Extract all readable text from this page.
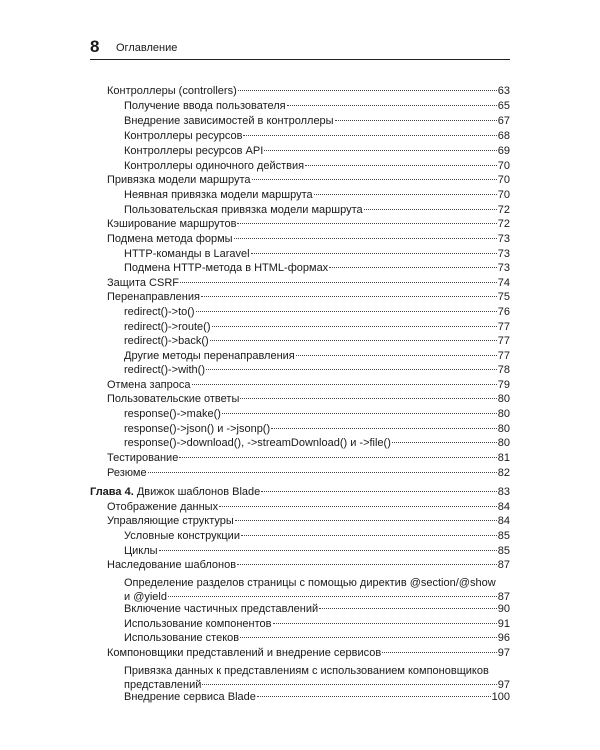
8 Оглавление
Контроллеры (controllers)	63
Получение ввода пользователя	65
Внедрение зависимостей в контроллеры	67
Контроллеры ресурсов	68
Контроллеры ресурсов API	69
Контроллеры одиночного действия	70
Привязка модели маршрута	70
Неявная привязка модели маршрута	70
Пользовательская привязка модели маршрута	72
Кэширование маршрутов	72
Подмена метода формы	73
HTTP-команды в Laravel	73
Подмена HTTP-метода в HTML-формах	73
Защита CSRF	74
Перенаправления	75
redirect()->to()	76
redirect()->route()	77
redirect()->back()	77
Другие методы перенаправления	77
redirect()->with()	78
Отмена запроса	79
Пользовательские ответы	80
response()->make()	80
response()->json() и ->jsonp()	80
response()->download(), ->streamDownload() и ->file()	80
Тестирование	81
Резюме	82
Глава 4. Движок шаблонов Blade	83
Отображение данных	84
Управляющие структуры	84
Условные конструкции	85
Циклы	85
Наследование шаблонов	87
Определение разделов страницы с помощью директив @section/@show
и @yield	87
Включение частичных представлений	90
Использование компонентов	91
Использование стеков	96
Компоновщики представлений и внедрение сервисов	97
Привязка данных к представлениям с использованием компоновщиков
представлений	97
Внедрение сервиса Blade	100
